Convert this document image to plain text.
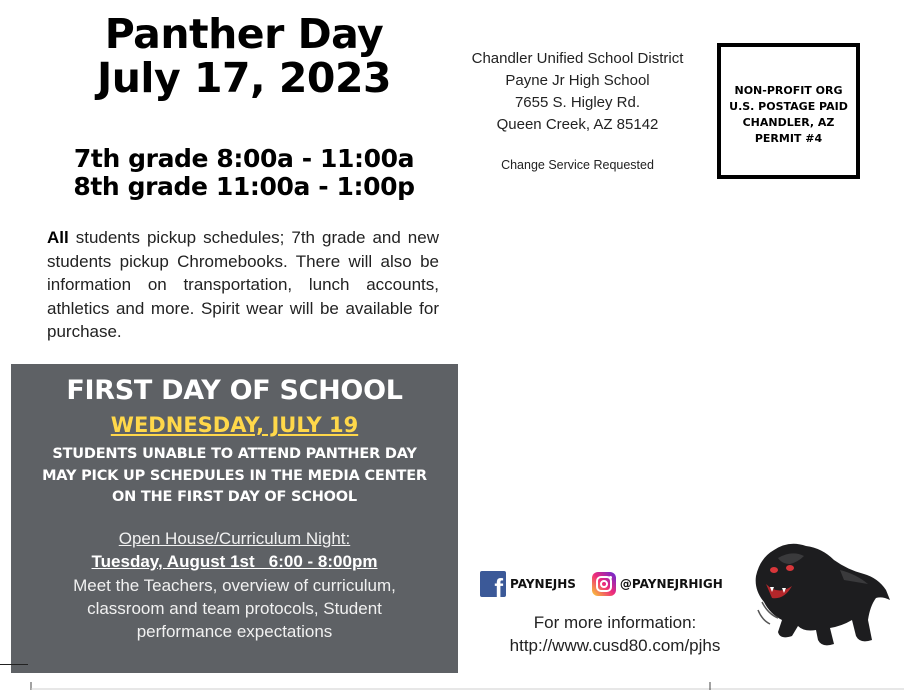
Panther Day
July 17, 2023
7th grade 8:00a - 11:00a
8th grade 11:00a - 1:00p
All students pickup schedules; 7th grade and new students pickup Chromebooks. There will also be information on transportation, lunch accounts, athletics and more. Spirit wear will be available for purchase.
FIRST DAY OF SCHOOL
WEDNESDAY, JULY 19
STUDENTS UNABLE TO ATTEND PANTHER DAY MAY PICK UP SCHEDULES IN THE MEDIA CENTER ON THE FIRST DAY OF SCHOOL
Open House/Curriculum Night:
Tuesday, August 1st   6:00 - 8:00pm
Meet the Teachers, overview of curriculum, classroom and team protocols, Student performance expectations
Chandler Unified School District
Payne Jr High School
7655 S. Higley Rd.
Queen Creek, AZ 85142
Change Service Requested
NON-PROFIT ORG
U.S. POSTAGE PAID
CHANDLER, AZ
PERMIT #4
f PAYNEJHS	@PAYNEJRHIGH
For more information:
http://www.cusd80.com/pjhs
